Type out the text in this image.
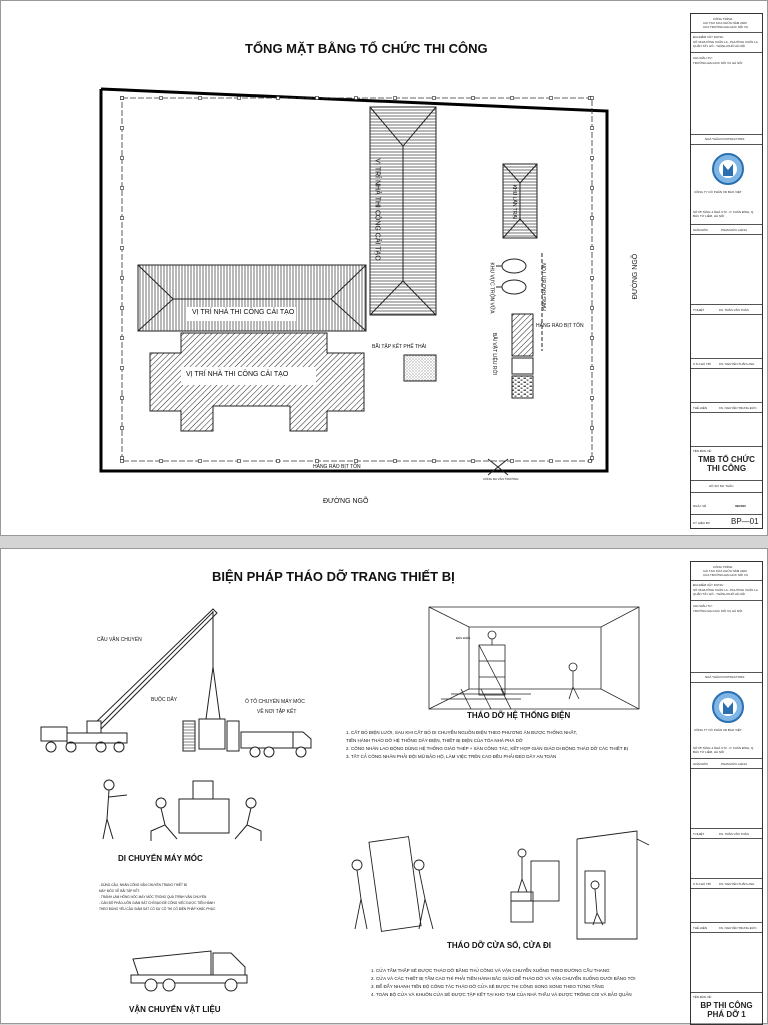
TỔNG MẶT BẰNG TỔ CHỨC THI CÔNG
VỊ TRÍ NHÀ THI CÔNG CẢI TẠO
VỊ TRÍ NHÀ THI CÔNG CẢI TẠO
VỊ TRÍ NHÀ THI CÔNG CẢI TẠO	KHU LÁN TRẠI
BÃI TẬP KẾT PHẾ THẢI
KHU VỰC TRỘN VỮA
BÃI VẬT LIỆU RỜI
HÀNG RÀO BỊT TÔN
HÀNG RÀO BỊT TÔN
HÀNG RÀO BỊT TÔN
CỔNG RA VÀO TRƯỜNG
ĐƯỜNG NGÕ
ĐƯỜNG NGÕ
CÔNG TRÌNH:
CẢI TẠO SỬA CHỮA NĂM 2020
CỦA TRƯỜNG ĐẠI HỌC NỘI VỤ
ĐỊA ĐIỂM XÂY DỰNG:
SỐ 36 ĐƯỜNG XUÂN LA - PHƯỜNG XUÂN LA
QUẬN TÂY HỒ - THÀNH PHỐ HÀ NỘI
CHỦ ĐẦU TƯ:
TRƯỜNG ĐẠI HỌC NỘI VỤ HÀ NỘI
NHÀ THẦU/CONTRACTORS:
CÔNG TY CỔ PHẦN XD BẢO VIỆT
SỐ 05 TẦNG 4 NHÀ CT2 - P. XUÂN ĐỈNH, Q. BẮC TỪ LIÊM, HÀ NỘI
GIÁM ĐỐC	PHẠM ĐỨC HẠNH
T.NHIỆT	KS. TRẦN VĂN TOÀN
K.S.CHỦ TRÌ	KS. NGUYỄN XUÂN LINH
THỂ HIỆN	KS. NGUYỄN TRUNG ĐỨC
TÊN BẢN VẼ:
TMB TỔ CHỨC THI CÔNG
HỒ SƠ DỰ THẦU
NGÀY VẼ	09/2020
KÝ HIỆU BV	BP—01
BIỆN PHÁP THÁO DỠ TRANG THIẾT BỊ
CẦU VẬN CHUYỂN
BUỘC DÂY	Ô TÔ CHUYỂN MÁY MÓC
VỀ NƠI TẬP KẾT
ĐÈN ĐIỆN
THÁO DỠ HỆ THỐNG ĐIỆN
1. CẮT BỎ ĐIỆN LƯỚI, SAU KHI CẮT BỎ DI CHUYỂN NGUỒN ĐIỆN THEO PHƯƠNG ÁN ĐƯỢC THỐNG NHẤT,
TIẾN HÀNH THÁO DỠ HỆ THỐNG DÂY ĐIỆN, THIẾT BỊ ĐIỆN CỦA TÒA NHÀ PHÁ DỠ
2. CÔNG NHÂN LAO ĐỘNG DÙNG HỆ THỐNG GIÁO THÉP + SÀN CÔNG TÁC, KẾT HỢP GIÀN GIÁO DI ĐỘNG THÁO DỠ CÁC THIẾT BỊ
3. TẤT CẢ CÔNG NHÂN PHẢI ĐỘI MŨ BẢO HỘ, LÀM VIỆC TRÊN CAO ĐỀU PHẢI ĐEO DÂY AN TOÀN
DI CHUYỂN MÁY MÓC
- DÙNG CẦU, NHÂN CÔNG VẬN CHUYỂN TRANG THIẾT BỊ
MÁY MÓC VỀ BÃI TẬP KẾT.
- TRÁNH LÀM HỎNG HÓC MÁY MÓC TRONG QUÁ TRÌNH VẬN CHUYỂN
- CÁN BỘ PHẢI LUÔN GIÁM SÁT CHỈ ĐẠO ĐỂ CÔNG VIỆC ĐƯỢC TIẾN HÀNH
THEO ĐÚNG YÊU CẦU GIÁM SÁT CÓ SỰ CỐ THÌ CÓ BIỆN PHÁP KHẮC PHỤC
THÁO DỠ CỬA SỔ, CỬA ĐI
1. CỬA TẤM THẤP SẼ ĐƯỢC THÁO DỠ BẰNG THỦ CÔNG VÀ VẬN CHUYỂN XUỐNG THEO ĐƯỜNG CẦU THANG
2. CỬA VÀ CÁC THIẾT BỊ TẦM CAO THÌ PHẢI TIẾN HÀNH BẮC GIÁO ĐỂ THÁO DỠ VÀ VẬN CHUYỂN XUỐNG DƯỚI BẰNG TỜI
3. ĐỂ ĐẨY NHANH TIẾN ĐỘ CÔNG TÁC THÁO DỠ CỬA SẼ ĐƯỢC THI CÔNG SONG SONG THEO TỪNG TẦNG
4. TOÀN BỘ CỬA VÀ KHUÔN CỬA SẼ ĐƯỢC TẬP KẾT TẠI KHO TẠM CỦA NHÀ THẦU VÀ ĐƯỢC TRÔNG COI VÀ BẢO QUẢN
VẬN CHUYỂN VẬT LIỆU
CÔNG TRÌNH:
CẢI TẠO SỬA CHỮA NĂM 2020
CỦA TRƯỜNG ĐẠI HỌC NỘI VỤ
ĐỊA ĐIỂM XÂY DỰNG:
SỐ 36 ĐƯỜNG XUÂN LA - PHƯỜNG XUÂN LA
QUẬN TÂY HỒ - THÀNH PHỐ HÀ NỘI
CHỦ ĐẦU TƯ:
TRƯỜNG ĐẠI HỌC NỘI VỤ HÀ NỘI
NHÀ THẦU/CONTRACTORS:
CÔNG TY CỔ PHẦN XD BẢO VIỆT
SỐ 05 TẦNG 4 NHÀ CT2 - P. XUÂN ĐỈNH, Q. BẮC TỪ LIÊM, HÀ NỘI
GIÁM ĐỐC	PHẠM ĐỨC HẠNH
T.NHIỆT	KS. TRẦN VĂN TOÀN
K.S.CHỦ TRÌ	KS. NGUYỄN XUÂN LINH
THỂ HIỆN	KS. NGUYỄN TRUNG ĐỨC
TÊN BẢN VẼ:
BP THI CÔNG PHÁ DỠ 1
